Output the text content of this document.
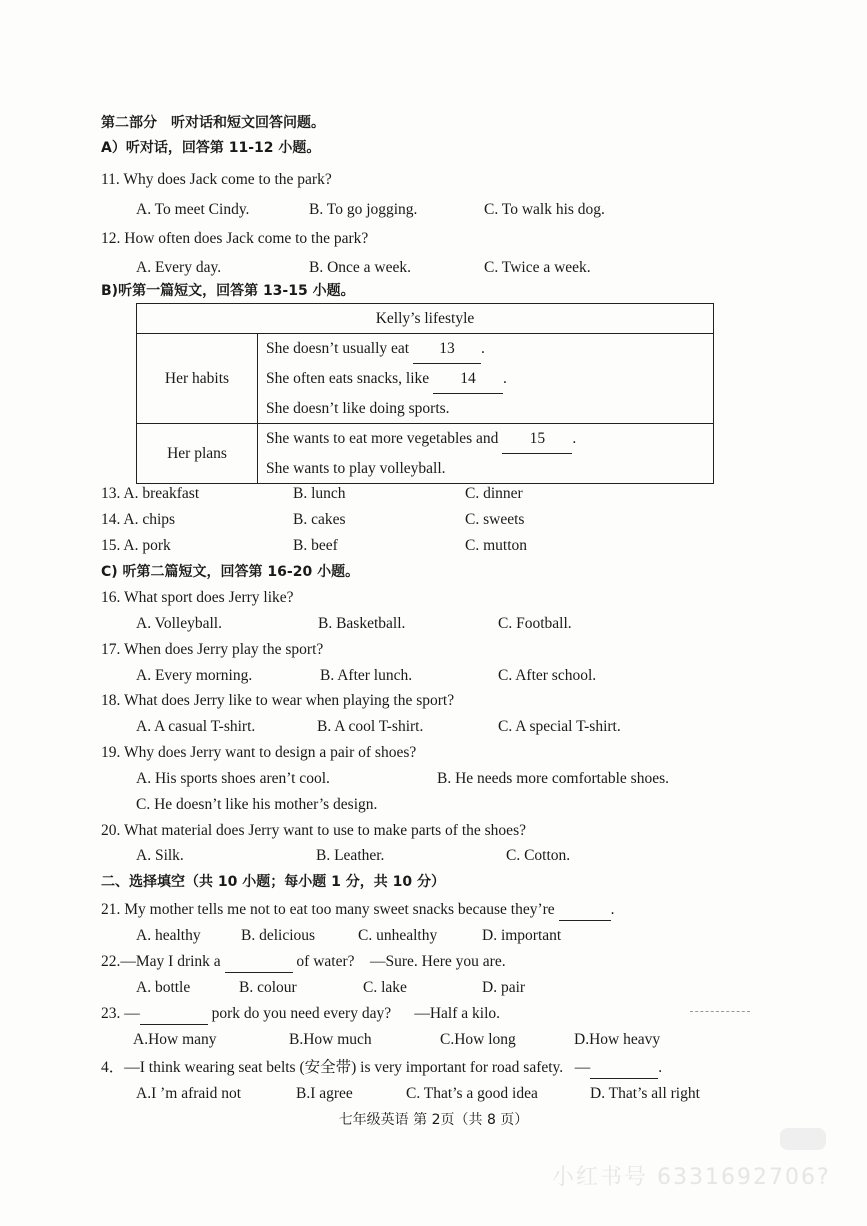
第二部分　听对话和短文回答问题。
A）听对话，回答第 11-12 小题。
11. Why does Jack come to the park?
A. To meet Cindy.	B. To go jogging.	C. To walk his dog.
12. How often does Jack come to the park?
A. Every day.	B. Once a week.	C. Twice a week.
B)听第一篇短文，回答第 13-15 小题。
Kelly’s lifestyle	
Her habits	She doesn’t usually eat 13 .
She often eats snacks, like 14 .
She doesn’t like doing sports.

Her plans	She wants to eat more vegetables and 15 .
She wants to play volleyball.
13. A. breakfast	B. lunch	C. dinner
14. A. chips	B. cakes	C. sweets
15. A. pork	B. beef	C. mutton
C) 听第二篇短文，回答第 16-20 小题。
16. What sport does Jerry like?
A. Volleyball.	B. Basketball.	C. Football.
17. When does Jerry play the sport?
A. Every morning.	B. After lunch.	C. After school.
18. What does Jerry like to wear when playing the sport?
A. A casual T-shirt.	B. A cool T-shirt.	C. A special T-shirt.
19. Why does Jerry want to design a pair of shoes?
A. His sports shoes aren’t cool.	B. He needs more comfortable shoes.
C. He doesn’t like his mother’s design.
20. What material does Jerry want to use to make parts of the shoes?
A. Silk.	B. Leather.	C. Cotton.
二、选择填空（共 10 小题；每小题 1 分，共 10 分）
21. My mother tells me not to eat too many sweet snacks because they’re	.
A. healthy	B. delicious	C. unhealthy	D. important
22.—May I drink a	of water? —Sure. Here you are.
A. bottle	B. colour	C. lake	D. pair
23. —	pork do you need every day? —Half a kilo.
A.How many	B.How much	C.How long	D.How heavy
4．—I think wearing seat belts (安全带) is very important for road safety. —	.
A.I ’m afraid not	B.I agree	C. That’s a good idea	D. That’s all right
七年级英语 第 2页（共 8 页）

小红书号 6331692706?
